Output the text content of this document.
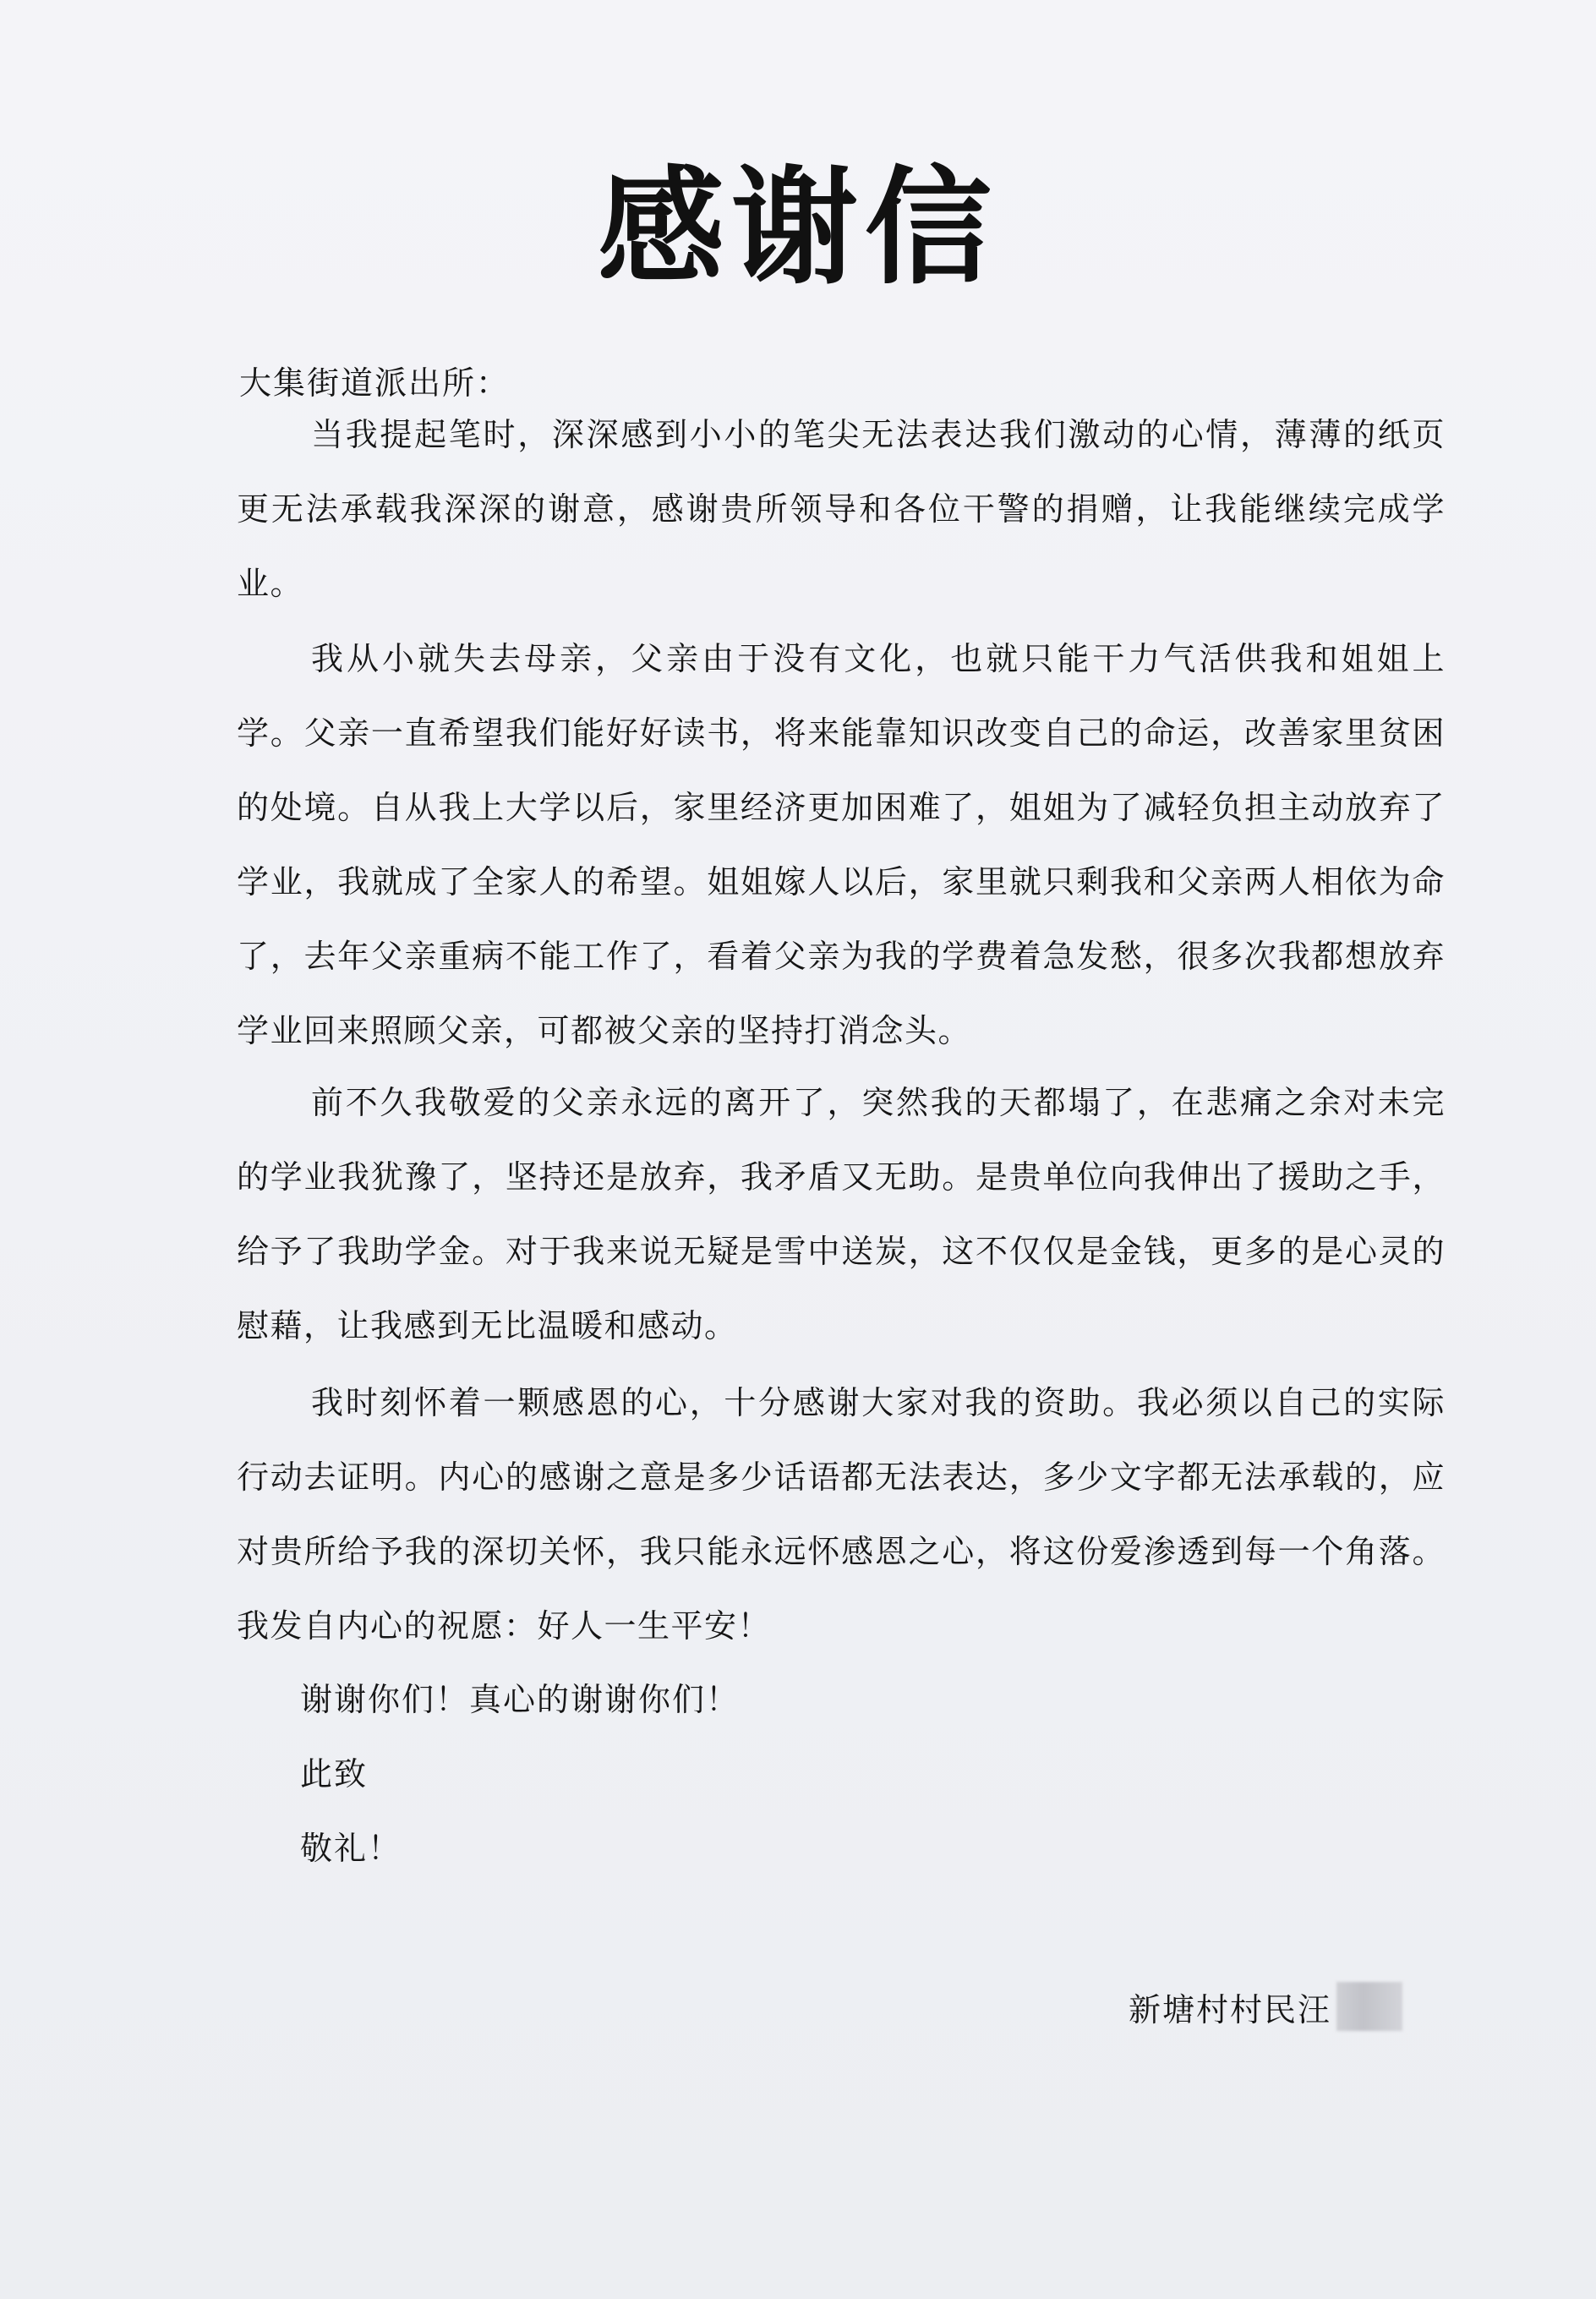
感谢信
大集街道派出所：

当我提起笔时，深深感到小小的笔尖无法表达我们激动的心情，薄薄的纸页更无法承载我深深的谢意，感谢贵所领导和各位干警的捐赠，让我能继续完成学业。

我从小就失去母亲，父亲由于没有文化，也就只能干力气活供我和姐姐上学。父亲一直希望我们能好好读书，将来能靠知识改变自己的命运，改善家里贫困的处境。自从我上大学以后，家里经济更加困难了，姐姐为了减轻负担主动放弃了学业，我就成了全家人的希望。姐姐嫁人以后，家里就只剩我和父亲两人相依为命了，去年父亲重病不能工作了，看着父亲为我的学费着急发愁，很多次我都想放弃学业回来照顾父亲，可都被父亲的坚持打消念头。

前不久我敬爱的父亲永远的离开了，突然我的天都塌了，在悲痛之余对未完的学业我犹豫了，坚持还是放弃，我矛盾又无助。是贵单位向我伸出了援助之手，给予了我助学金。对于我来说无疑是雪中送炭，这不仅仅是金钱，更多的是心灵的慰藉，让我感到无比温暖和感动。

我时刻怀着一颗感恩的心，十分感谢大家对我的资助。我必须以自己的实际行动去证明。内心的感谢之意是多少话语都无法表达，多少文字都无法承载的，应对贵所给予我的深切关怀，我只能永远怀感恩之心，将这份爱渗透到每一个角落。我发自内心的祝愿：好人一生平安！

谢谢你们！真心的谢谢你们！
此致
敬礼！
新塘村村民汪
